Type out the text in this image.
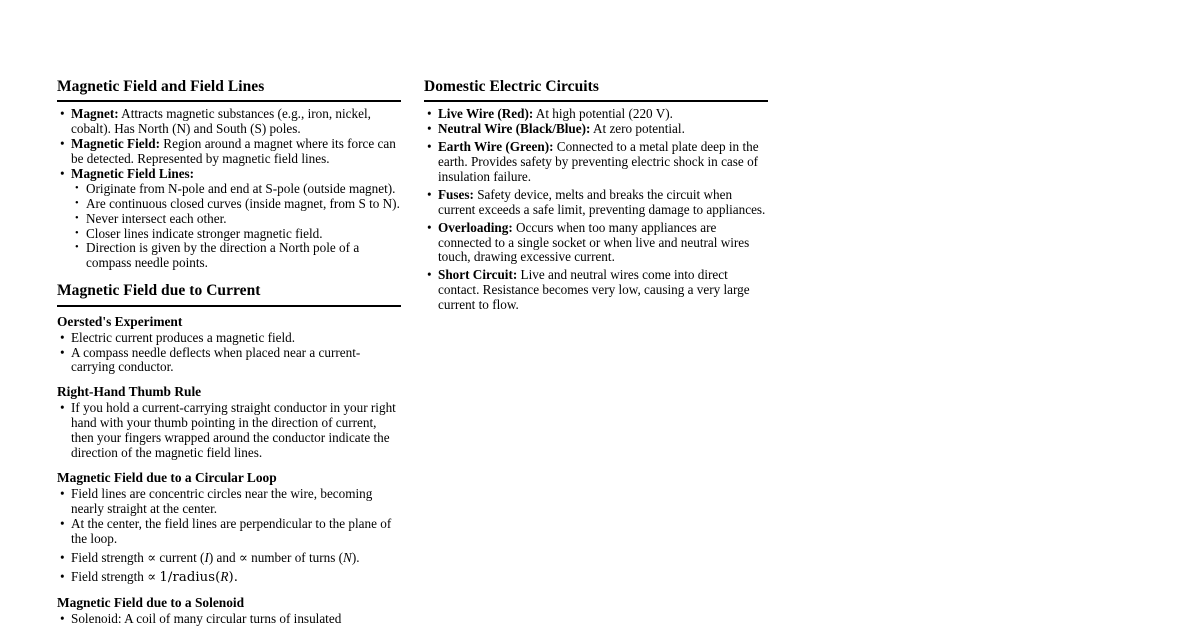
Magnetic Field and Field Lines
• Magnet: Attracts magnetic substances (e.g., iron, nickel, cobalt). Has North (N) and South (S) poles.
• Magnetic Field: Region around a magnet where its force can be detected. Represented by magnetic field lines.
• Magnetic Field Lines:
• Originate from N-pole and end at S-pole (outside magnet).
• Are continuous closed curves (inside magnet, from S to N).
• Never intersect each other.
• Closer lines indicate stronger magnetic field.
• Direction is given by the direction a North pole of a compass needle points.
Magnetic Field due to Current
Oersted's Experiment
• Electric current produces a magnetic field.
• A compass needle deflects when placed near a current-carrying conductor.
Right-Hand Thumb Rule
• If you hold a current-carrying straight conductor in your right hand with your thumb pointing in the direction of current, then your fingers wrapped around the conductor indicate the direction of the magnetic field lines.
Magnetic Field due to a Circular Loop
• Field lines are concentric circles near the wire, becoming nearly straight at the center.
• At the center, the field lines are perpendicular to the plane of the loop.
• Field strength ∝ current (I) and ∝ number of turns (N).
• Field strength ∝ 1/radius(R).
Magnetic Field due to a Solenoid
• Solenoid: A coil of many circular turns of insulated
Domestic Electric Circuits
• Live Wire (Red): At high potential (220 V).
• Neutral Wire (Black/Blue): At zero potential.
• Earth Wire (Green): Connected to a metal plate deep in the earth. Provides safety by preventing electric shock in case of insulation failure.
• Fuses: Safety device, melts and breaks the circuit when current exceeds a safe limit, preventing damage to appliances.
• Overloading: Occurs when too many appliances are connected to a single socket or when live and neutral wires touch, drawing excessive current.
• Short Circuit: Live and neutral wires come into direct contact. Resistance becomes very low, causing a very large current to flow.
